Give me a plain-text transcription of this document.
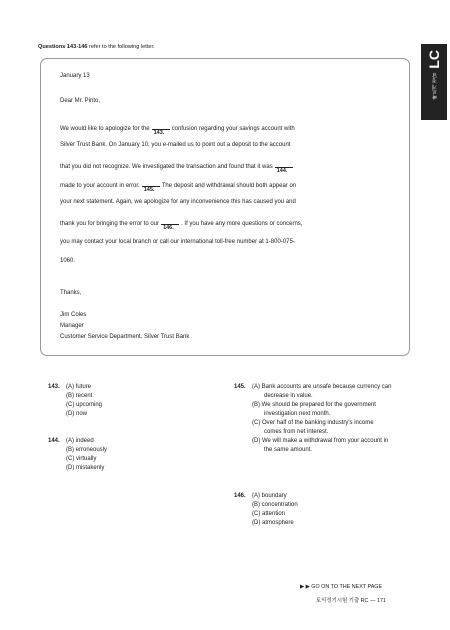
Questions 143-146 refer to the following letter.
LC
빠르게 정답
January 13
Dear Mr. Pinto,
We would like to apologize for the
143.
confusion regarding your savings account with
Silver Trust Bank. On January 10, you e-mailed us to point out a deposit to the account
that you did not recognize. We investigated the transaction and found that it was
144.
made to your account in error.
145.
The deposit and withdrawal should both appear on
your next statement. Again, we apologize for any inconvenience this has caused you and
thank you for bringing the error to our
146.
. If you have any more questions or concerns,
you may contact your local branch or call our international toll-free number at 1-800-075-
1060.
Thanks,
Jim Coles
Manager
Customer Service Department, Silver Trust Bank
143. (A) future
(B) recent
(C) upcoming
(D) now
144. (A) indeed
(B) erroneously
(C) virtually
(D) mistakenly
145. (A) Bank accounts are unsafe because currency can decrease in value.
(B) We should be prepared for the government investigation next month.
(C) Over half of the banking industry's income comes from net interest.
(D) We will make a withdrawal from your account in the same amount.
146. (A) boundary
(B) concentration
(C) attention
(D) atmosphere
▶ ▶ GO ON TO THE NEXT PAGE
토익정기시험 기출 RC ― 171
